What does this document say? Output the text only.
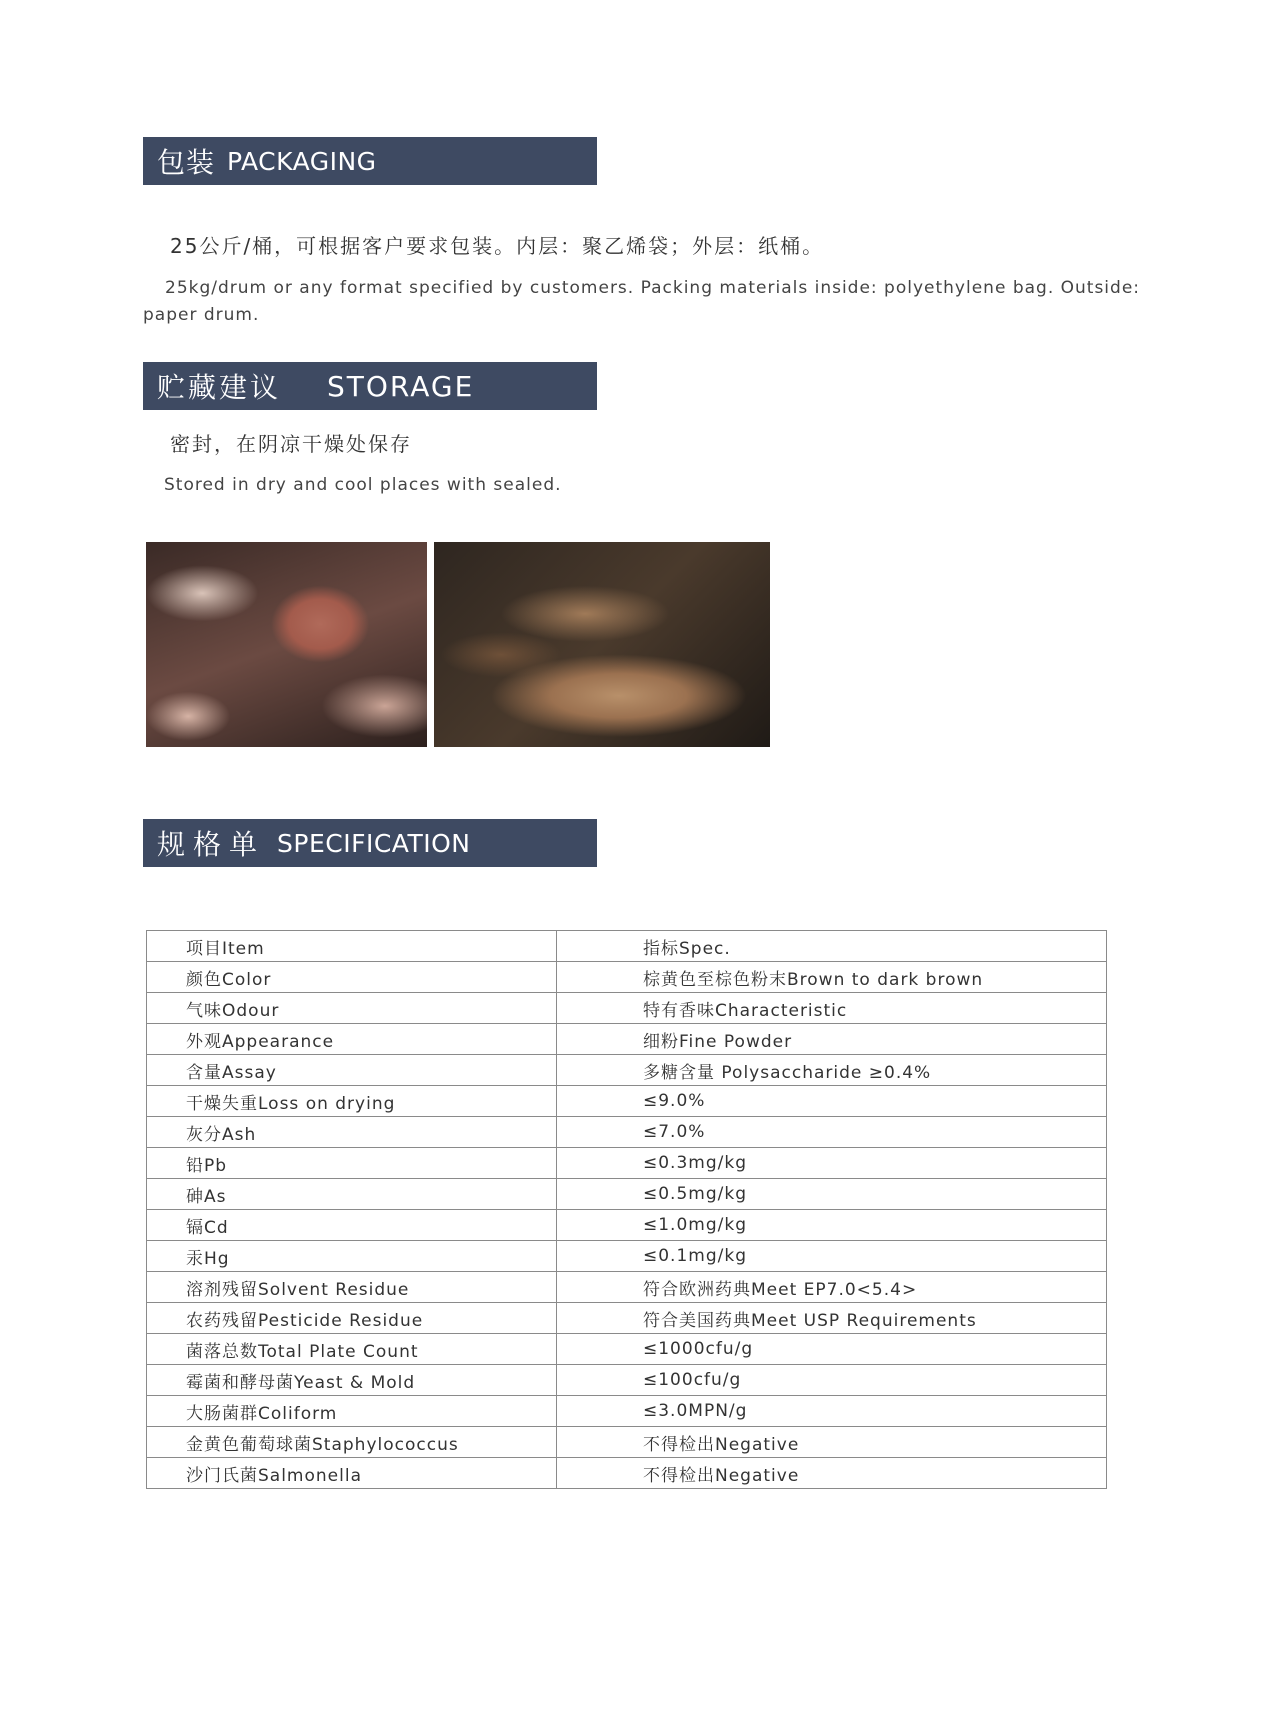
包装 PACKAGING
25公斤/桶，可根据客户要求包装。内层：聚乙烯袋；外层：纸桶。
25kg/drum or any format specified by customers. Packing materials inside: polyethylene bag. Outside: paper drum.
贮藏建议 STORAGE
密封，在阴凉干燥处保存
Stored in dry and cool places with sealed.
规格单 SPECIFICATION
项目Item	指标Spec.
颜色Color	棕黄色至棕色粉末Brown to dark brown
气味Odour	特有香味Characteristic
外观Appearance	细粉Fine Powder
含量Assay	多糖含量 Polysaccharide ≥0.4%
干燥失重Loss on drying	≤9.0%
灰分Ash	≤7.0%
铅Pb	≤0.3mg/kg
砷As	≤0.5mg/kg
镉Cd	≤1.0mg/kg
汞Hg	≤0.1mg/kg
溶剂残留Solvent Residue	符合欧洲药典Meet EP7.0<5.4>
农药残留Pesticide Residue	符合美国药典Meet USP Requirements
菌落总数Total Plate Count	≤1000cfu/g
霉菌和酵母菌Yeast & Mold	≤100cfu/g
大肠菌群Coliform	≤3.0MPN/g
金黄色葡萄球菌Staphylococcus	不得检出Negative
沙门氏菌Salmonella	不得检出Negative
